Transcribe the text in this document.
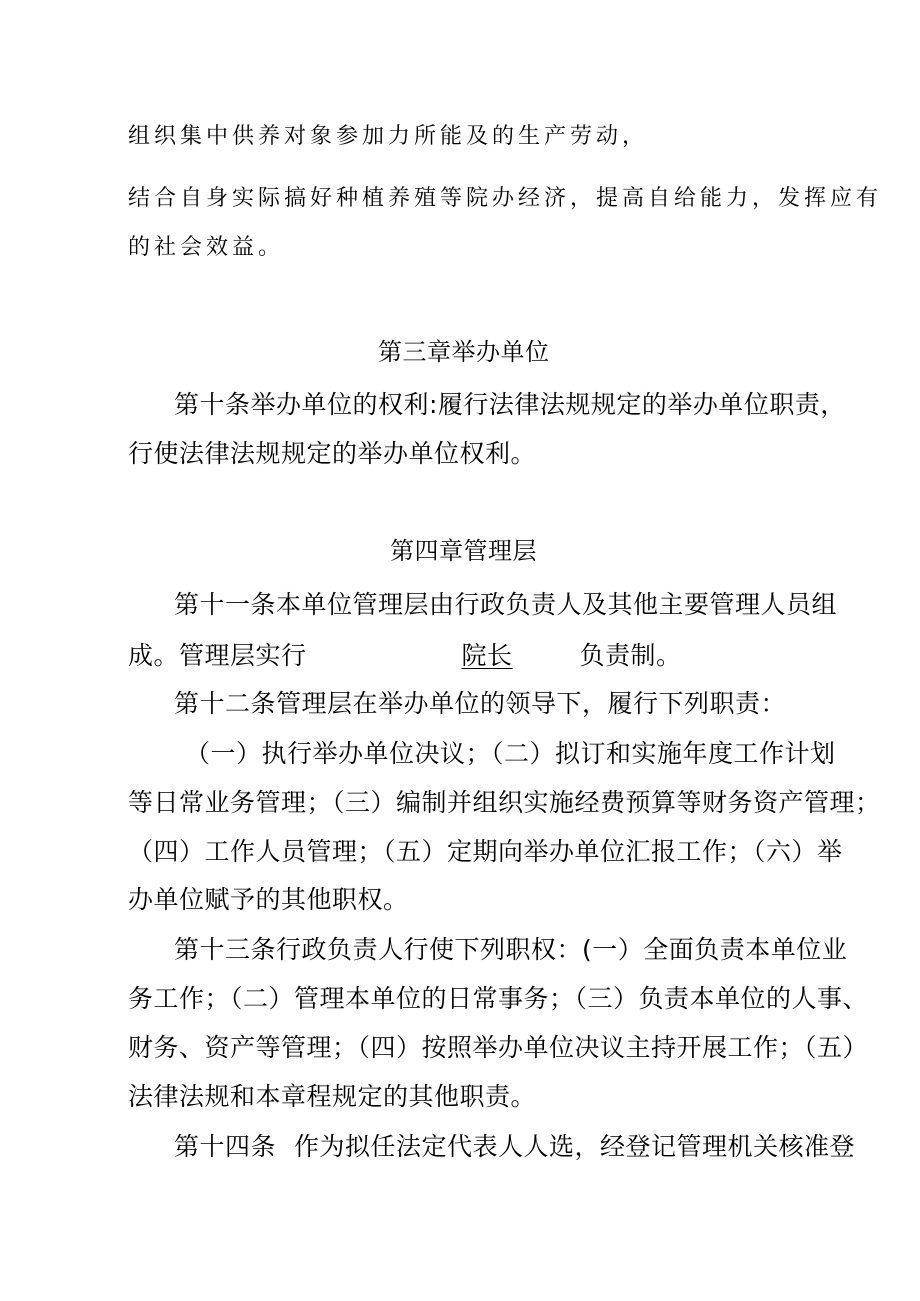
组织集中供养对象参加力所能及的生产劳动，
结合自身实际搞好种植养殖等院办经济，提高自给能力，发挥应有
的社会效益。
第三章举办单位
第十条举办单位的权利:履行法律法规规定的举办单位职责，
行使法律法规规定的举办单位权利。
第四章管理层
第十一条本单位管理层由行政负责人及其他主要管理人员组
成。管理层实行	院长	负责制。
第十二条管理层在举办单位的领导下，履行下列职责：
（一）执行举办单位决议；（二）拟订和实施年度工作计划
等日常业务管理；（三）编制并组织实施经费预算等财务资产管理；
（四）工作人员管理；（五）定期向举办单位汇报工作；（六）举
办单位赋予的其他职权。
第十三条行政负责人行使下列职权：(一）全面负责本单位业
务工作；（二）管理本单位的日常事务；（三）负责本单位的人事、
财务、资产等管理；（四）按照举办单位决议主持开展工作；（五）
法律法规和本章程规定的其他职责。
第十四条 作为拟任法定代表人人选，经登记管理机关核准登
